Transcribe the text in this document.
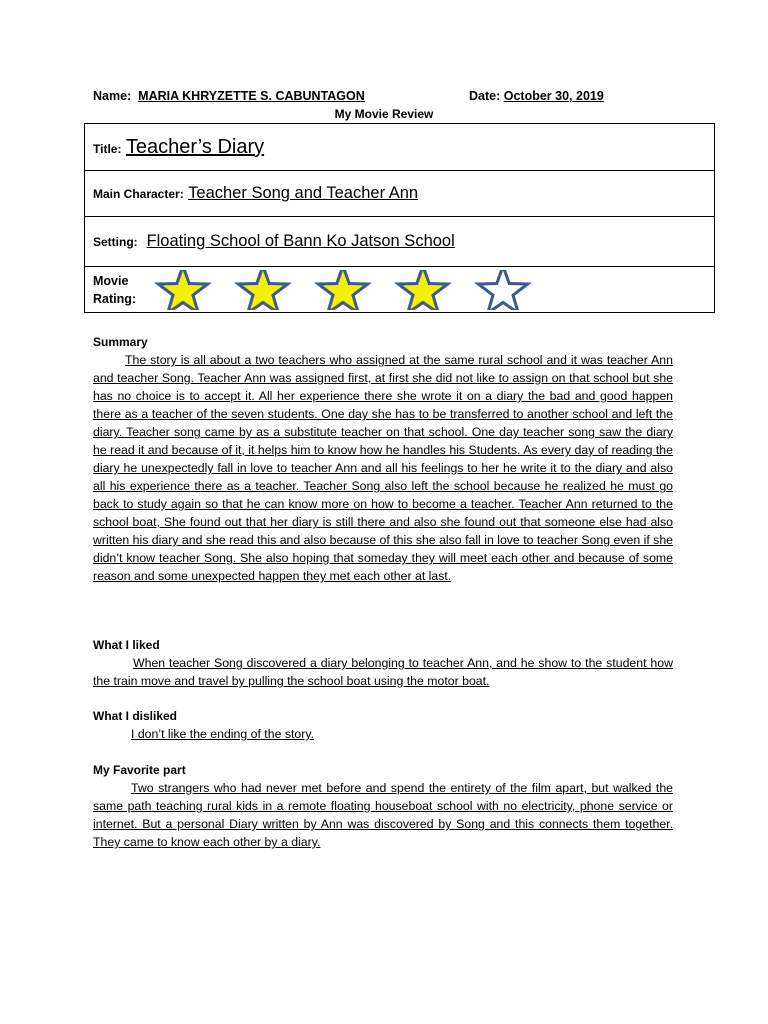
Name: MARIA KHRYZETTE S. CABUNTAGON	Date: October 30, 2019
My Movie Review
Title: Teacher’s Diary
Main Character: Teacher Song and Teacher Ann
Setting: Floating School of Bann Ko Jatson School

Movie
Rating:
Summary
The story is all about a two teachers who assigned at the same rural school and it was teacher Ann and teacher Song. Teacher Ann was assigned first, at first she did not like to assign on that school but she has no choice is to accept it. All her experience there she wrote it on a diary the bad and good happen there as a teacher of the seven students. One day she has to be transferred to another school and left the diary. Teacher song came by as a substitute teacher on that school. One day teacher song saw the diary he read it and because of it, it helps him to know how he handles his Students. As every day of reading the diary he unexpectedly fall in love to teacher Ann and all his feelings to her he write it to the diary and also all his experience there as a teacher. Teacher Song also left the school because he realized he must go back to study again so that he can know more on how to become a teacher. Teacher Ann returned to the school boat, She found out that her diary is still there and also she found out that someone else had also written his diary and she read this and also because of this she also fall in love to teacher Song even if she didn’t know teacher Song. She also hoping that someday they will meet each other and because of some reason and some unexpected happen they met each other at last.
What I liked
When teacher Song discovered a diary belonging to teacher Ann, and he show to the student how the train move and travel by pulling the school boat using the motor boat.
What I disliked
I don’t like the ending of the story.
My Favorite part
Two strangers who had never met before and spend the entirety of the film apart, but walked the same path teaching rural kids in a remote floating houseboat school with no electricity, phone service or internet. But a personal Diary written by Ann was discovered by Song and this connects them together. They came to know each other by a diary.
